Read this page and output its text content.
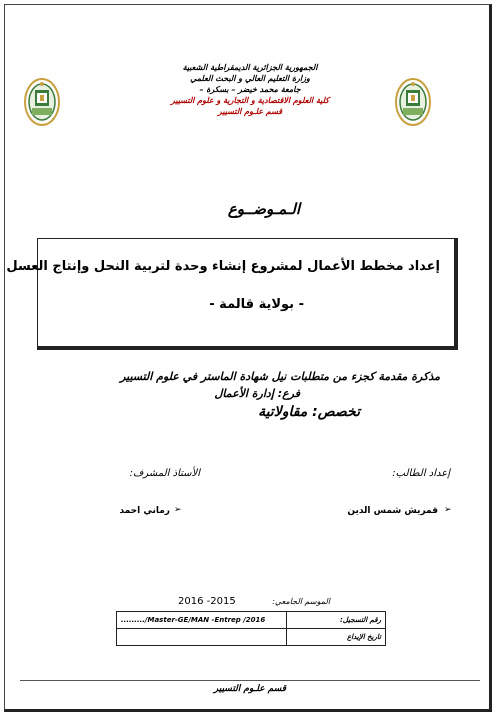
الجمهورية الجزائرية الديمقراطية الشعبية
وزارة التعليم العالي و البحث العلمي
جامعة محمد خيضر – بسكرة –
كلية العلوم الاقتصادية و التجارية و علوم التسيير
قسم علـوم التسيير
الـمـوضــوع
إعداد مخطط الأعمال لمشروع إنشاء وحدة لتربية النحل وإنتاج العسل
- بولاية قالمة -
مذكرة مقدمة كجزء من متطلبات نيل شهادة الماستر في علوم التسيير
فرع: إدارة الأعمال
تخصص: مقاولاتية
إعداد الطالب:
الأستاذ المشرف:
➢
قمريش شمس الدين
➢
رماني احمد
الموسم الجامعي:
2016 -2015
........./Master-GE/MAN -Entrep /2016	رقم التسجيل:
	تاريخ الإيداع
قسم علـوم التسيير
